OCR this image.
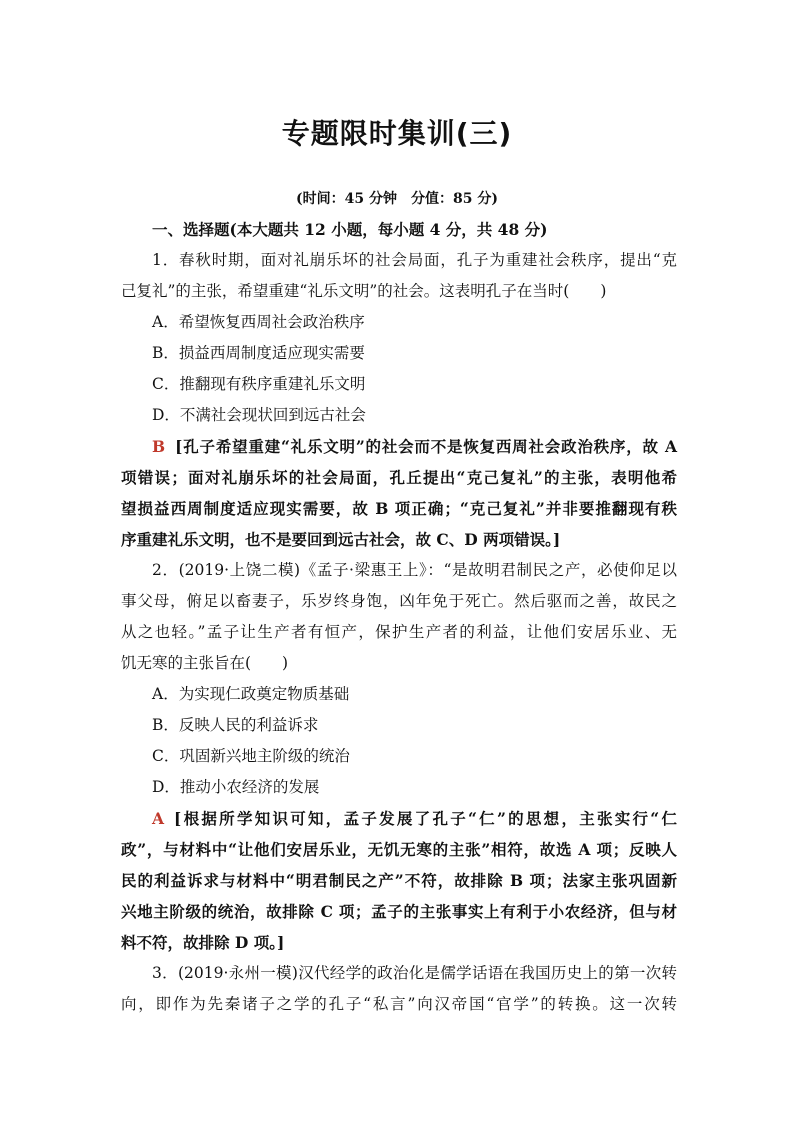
专题限时集训(三)
(时间：45 分钟　分值：85 分)
一、选择题(本大题共 12 小题，每小题 4 分，共 48 分)
1．春秋时期，面对礼崩乐坏的社会局面，孔子为重建社会秩序，提出“克
己复礼”的主张，希望重建“礼乐文明”的社会。这表明孔子在当时(　　)
A．希望恢复西周社会政治秩序
B．损益西周制度适应现实需要
C．推翻现有秩序重建礼乐文明
D．不满社会现状回到远古社会
B [孔子希望重建“礼乐文明”的社会而不是恢复西周社会政治秩序，故 A
项错误；面对礼崩乐坏的社会局面，孔丘提出“克己复礼”的主张，表明他希
望损益西周制度适应现实需要，故 B 项正确；“克己复礼”并非要推翻现有秩
序重建礼乐文明，也不是要回到远古社会，故 C、D 两项错误。]
2．(2019·上饶二模)《孟子·梁惠王上》：“是故明君制民之产，必使仰足以
事父母，俯足以畜妻子，乐岁终身饱，凶年免于死亡。然后驱而之善，故民之
从之也轻。”孟子让生产者有恒产，保护生产者的利益，让他们安居乐业、无
饥无寒的主张旨在(　　)
A．为实现仁政奠定物质基础
B．反映人民的利益诉求
C．巩固新兴地主阶级的统治
D．推动小农经济的发展
A [根据所学知识可知，孟子发展了孔子“仁”的思想，主张实行“仁
政”，与材料中“让他们安居乐业，无饥无寒的主张”相符，故选 A 项；反映人
民的利益诉求与材料中“明君制民之产”不符，故排除 B 项；法家主张巩固新
兴地主阶级的统治，故排除 C 项；孟子的主张事实上有利于小农经济，但与材
料不符，故排除 D 项。]
3．(2019·永州一模)汉代经学的政治化是儒学话语在我国历史上的第一次转
向，即作为先秦诸子之学的孔子“私言”向汉帝国“官学”的转换。这一次转
